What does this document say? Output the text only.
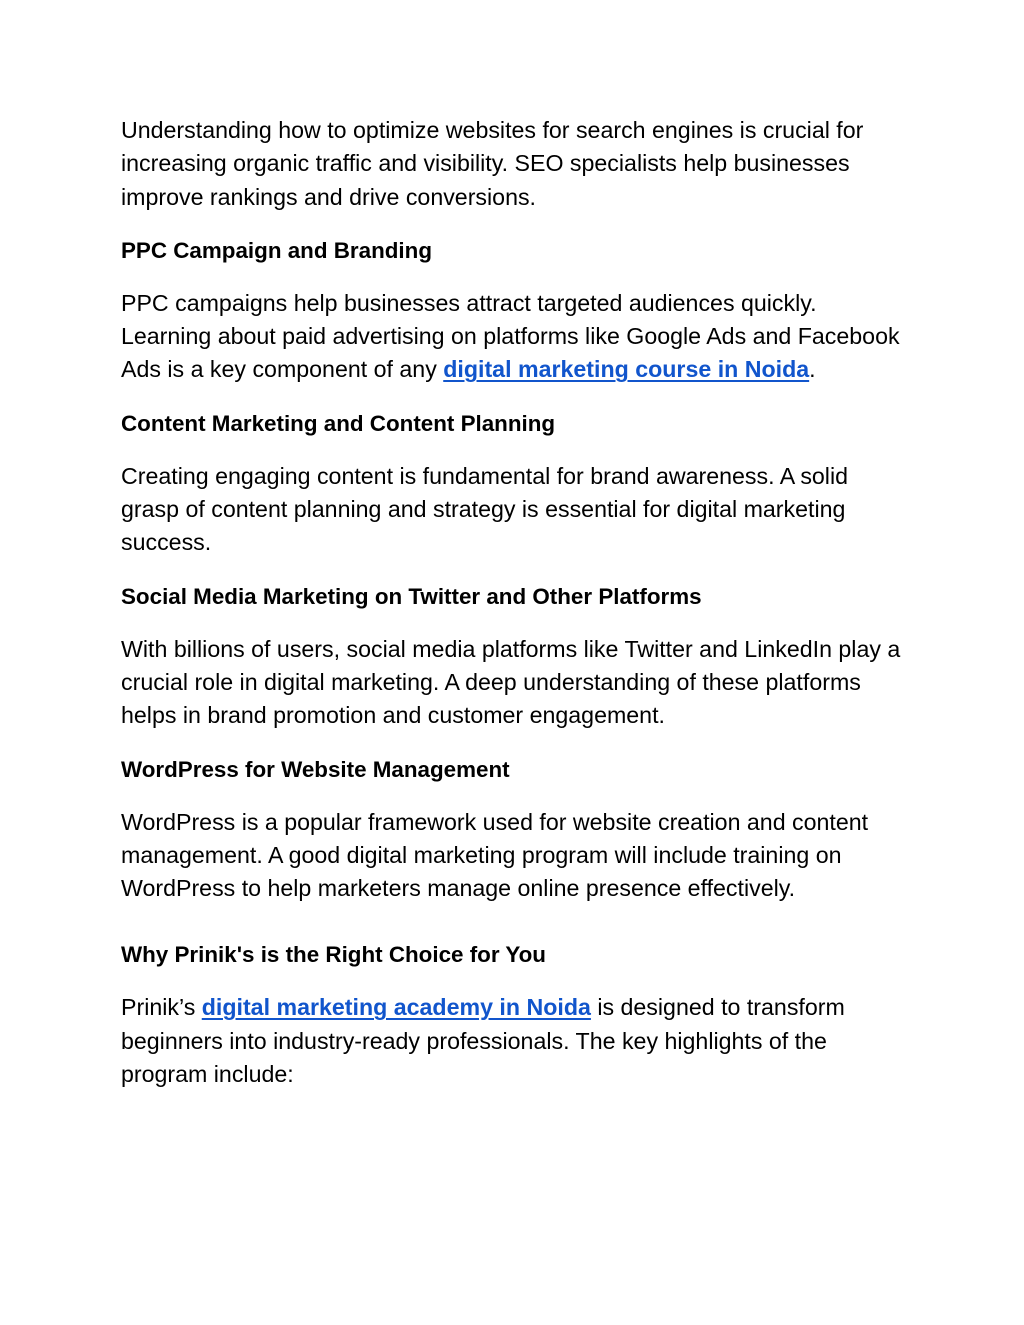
Understanding how to optimize websites for search engines is crucial for increasing organic traffic and visibility. SEO specialists help businesses improve rankings and drive conversions.

PPC Campaign and Branding

PPC campaigns help businesses attract targeted audiences quickly. Learning about paid advertising on platforms like Google Ads and Facebook Ads is a key component of any digital marketing course in Noida.

Content Marketing and Content Planning

Creating engaging content is fundamental for brand awareness. A solid grasp of content planning and strategy is essential for digital marketing success.

Social Media Marketing on Twitter and Other Platforms

With billions of users, social media platforms like Twitter and LinkedIn play a crucial role in digital marketing. A deep understanding of these platforms helps in brand promotion and customer engagement.

WordPress for Website Management

WordPress is a popular framework used for website creation and content management. A good digital marketing program will include training on WordPress to help marketers manage online presence effectively.

Why Prinik's is the Right Choice for You

Prinik’s digital marketing academy in Noida is designed to transform beginners into industry-ready professionals. The key highlights of the program include:
